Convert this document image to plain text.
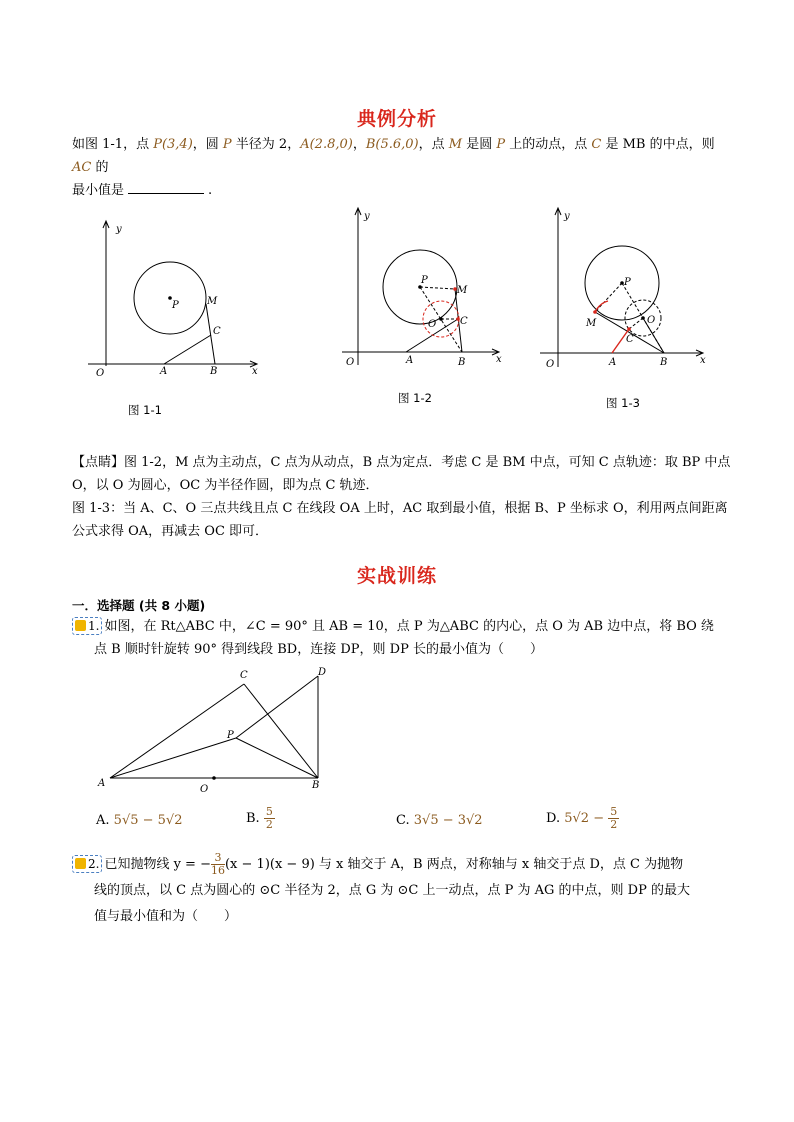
典例分析
如图 1-1，点 P(3,4)，圆 P 半径为 2，A(2.8,0)，B(5.6,0)，点 M 是圆 P 上的动点，点 C 是 MB 的中点，则 AC 的
最小值是	.
y
O	x
A	B
P	M
C
图 1-1
y
O	x
A	B
P
M
O C
图 1-2
y
O	x
A	B
P
M	O
C
图 1-3
【点睛】图 1-2，M 点为主动点，C 点为从动点，B 点为定点．考虑 C 是 BM 中点，可知 C 点轨迹：取 BP 中点
O，以 O 为圆心，OC 为半径作圆，即为点 C 轨迹．
图 1-3：当 A、C、O 三点共线且点 C 在线段 OA 上时，AC 取到最小值，根据 B、P 坐标求 O，利用两点间距离
公式求得 OA，再减去 OC 即可．
实战训练
一．选择题 (共 8 小题)
1. 如图，在 Rt△ABC 中，∠C = 90° 且 AB = 10，点 P 为△ABC 的内心，点 O 为 AB 边中点，将 BO 绕
点 B 顺时针旋转 90° 得到线段 BD，连接 DP，则 DP 长的最小值为（　　）
C	D
P
A
O	B
A. 5√5 − 5√2	B. $\frac{5}{2}$	C. 3√5 − 3√2	D. $5√2 - \frac{5}{2}$
2. 已知抛物线 y = − $\frac{3}{16} (x - 1)(x - 9)$ 与 x 轴交于 A，B 两点，对称轴与 x 轴交于点 D，点 C 为抛物
线的顶点，以 C 点为圆心的 ⊙C 半径为 2，点 G 为 ⊙C 上一动点，点 P 为 AG 的中点，则 DP 的最大
值与最小值和为（　　）
